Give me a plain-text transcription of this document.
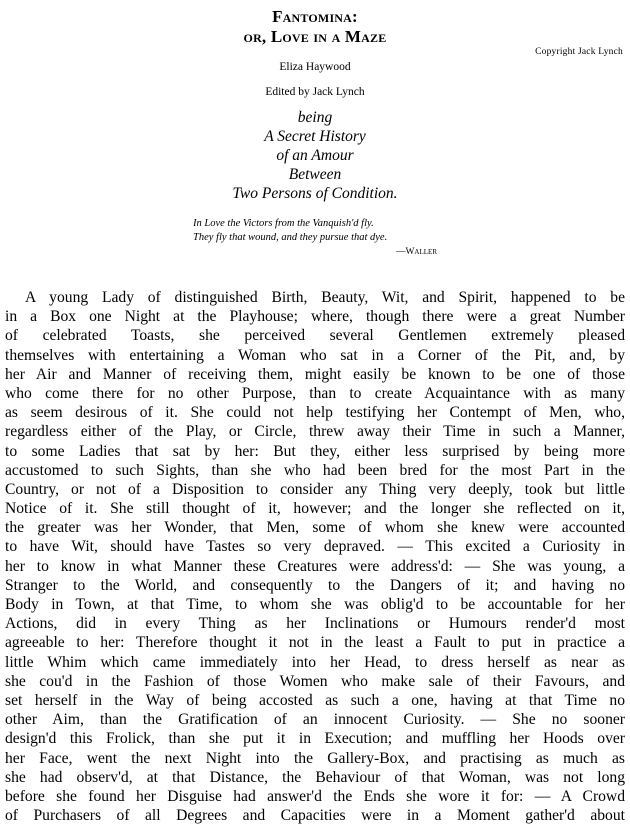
Fantomina:
or, Love in a Maze
Copyright Jack Lynch
Eliza Haywood
Edited by Jack Lynch
being
A Secret History
of an Amour
Between
Two Persons of Condition.
In Love the Victors from the Vanquish'd fly.
They fly that wound, and they pursue that dye.
—Waller
A young Lady of distinguished Birth, Beauty, Wit, and Spirit, happened to be
in a Box one Night at the Playhouse; where, though there were a great Number
of celebrated Toasts, she perceived several Gentlemen extremely pleased
themselves with entertaining a Woman who sat in a Corner of the Pit, and, by
her Air and Manner of receiving them, might easily be known to be one of those
who come there for no other Purpose, than to create Acquaintance with as many
as seem desirous of it. She could not help testifying her Contempt of Men, who,
regardless either of the Play, or Circle, threw away their Time in such a Manner,
to some Ladies that sat by her: But they, either less surprised by being more
accustomed to such Sights, than she who had been bred for the most Part in the
Country, or not of a Disposition to consider any Thing very deeply, took but little
Notice of it. She still thought of it, however; and the longer she reflected on it,
the greater was her Wonder, that Men, some of whom she knew were accounted
to have Wit, should have Tastes so very depraved. — This excited a Curiosity in
her to know in what Manner these Creatures were address'd: — She was young, a
Stranger to the World, and consequently to the Dangers of it; and having no
Body in Town, at that Time, to whom she was oblig'd to be accountable for her
Actions, did in every Thing as her Inclinations or Humours render'd most
agreeable to her: Therefore thought it not in the least a Fault to put in practice a
little Whim which came immediately into her Head, to dress herself as near as
she cou'd in the Fashion of those Women who make sale of their Favours, and
set herself in the Way of being accosted as such a one, having at that Time no
other Aim, than the Gratification of an innocent Curiosity. — She no sooner
design'd this Frolick, than she put it in Execution; and muffling her Hoods over
her Face, went the next Night into the Gallery-Box, and practising as much as
she had observ'd, at that Distance, the Behaviour of that Woman, was not long
before she found her Disguise had answer'd the Ends she wore it for: — A Crowd
of Purchasers of all Degrees and Capacities were in a Moment gather'd about
